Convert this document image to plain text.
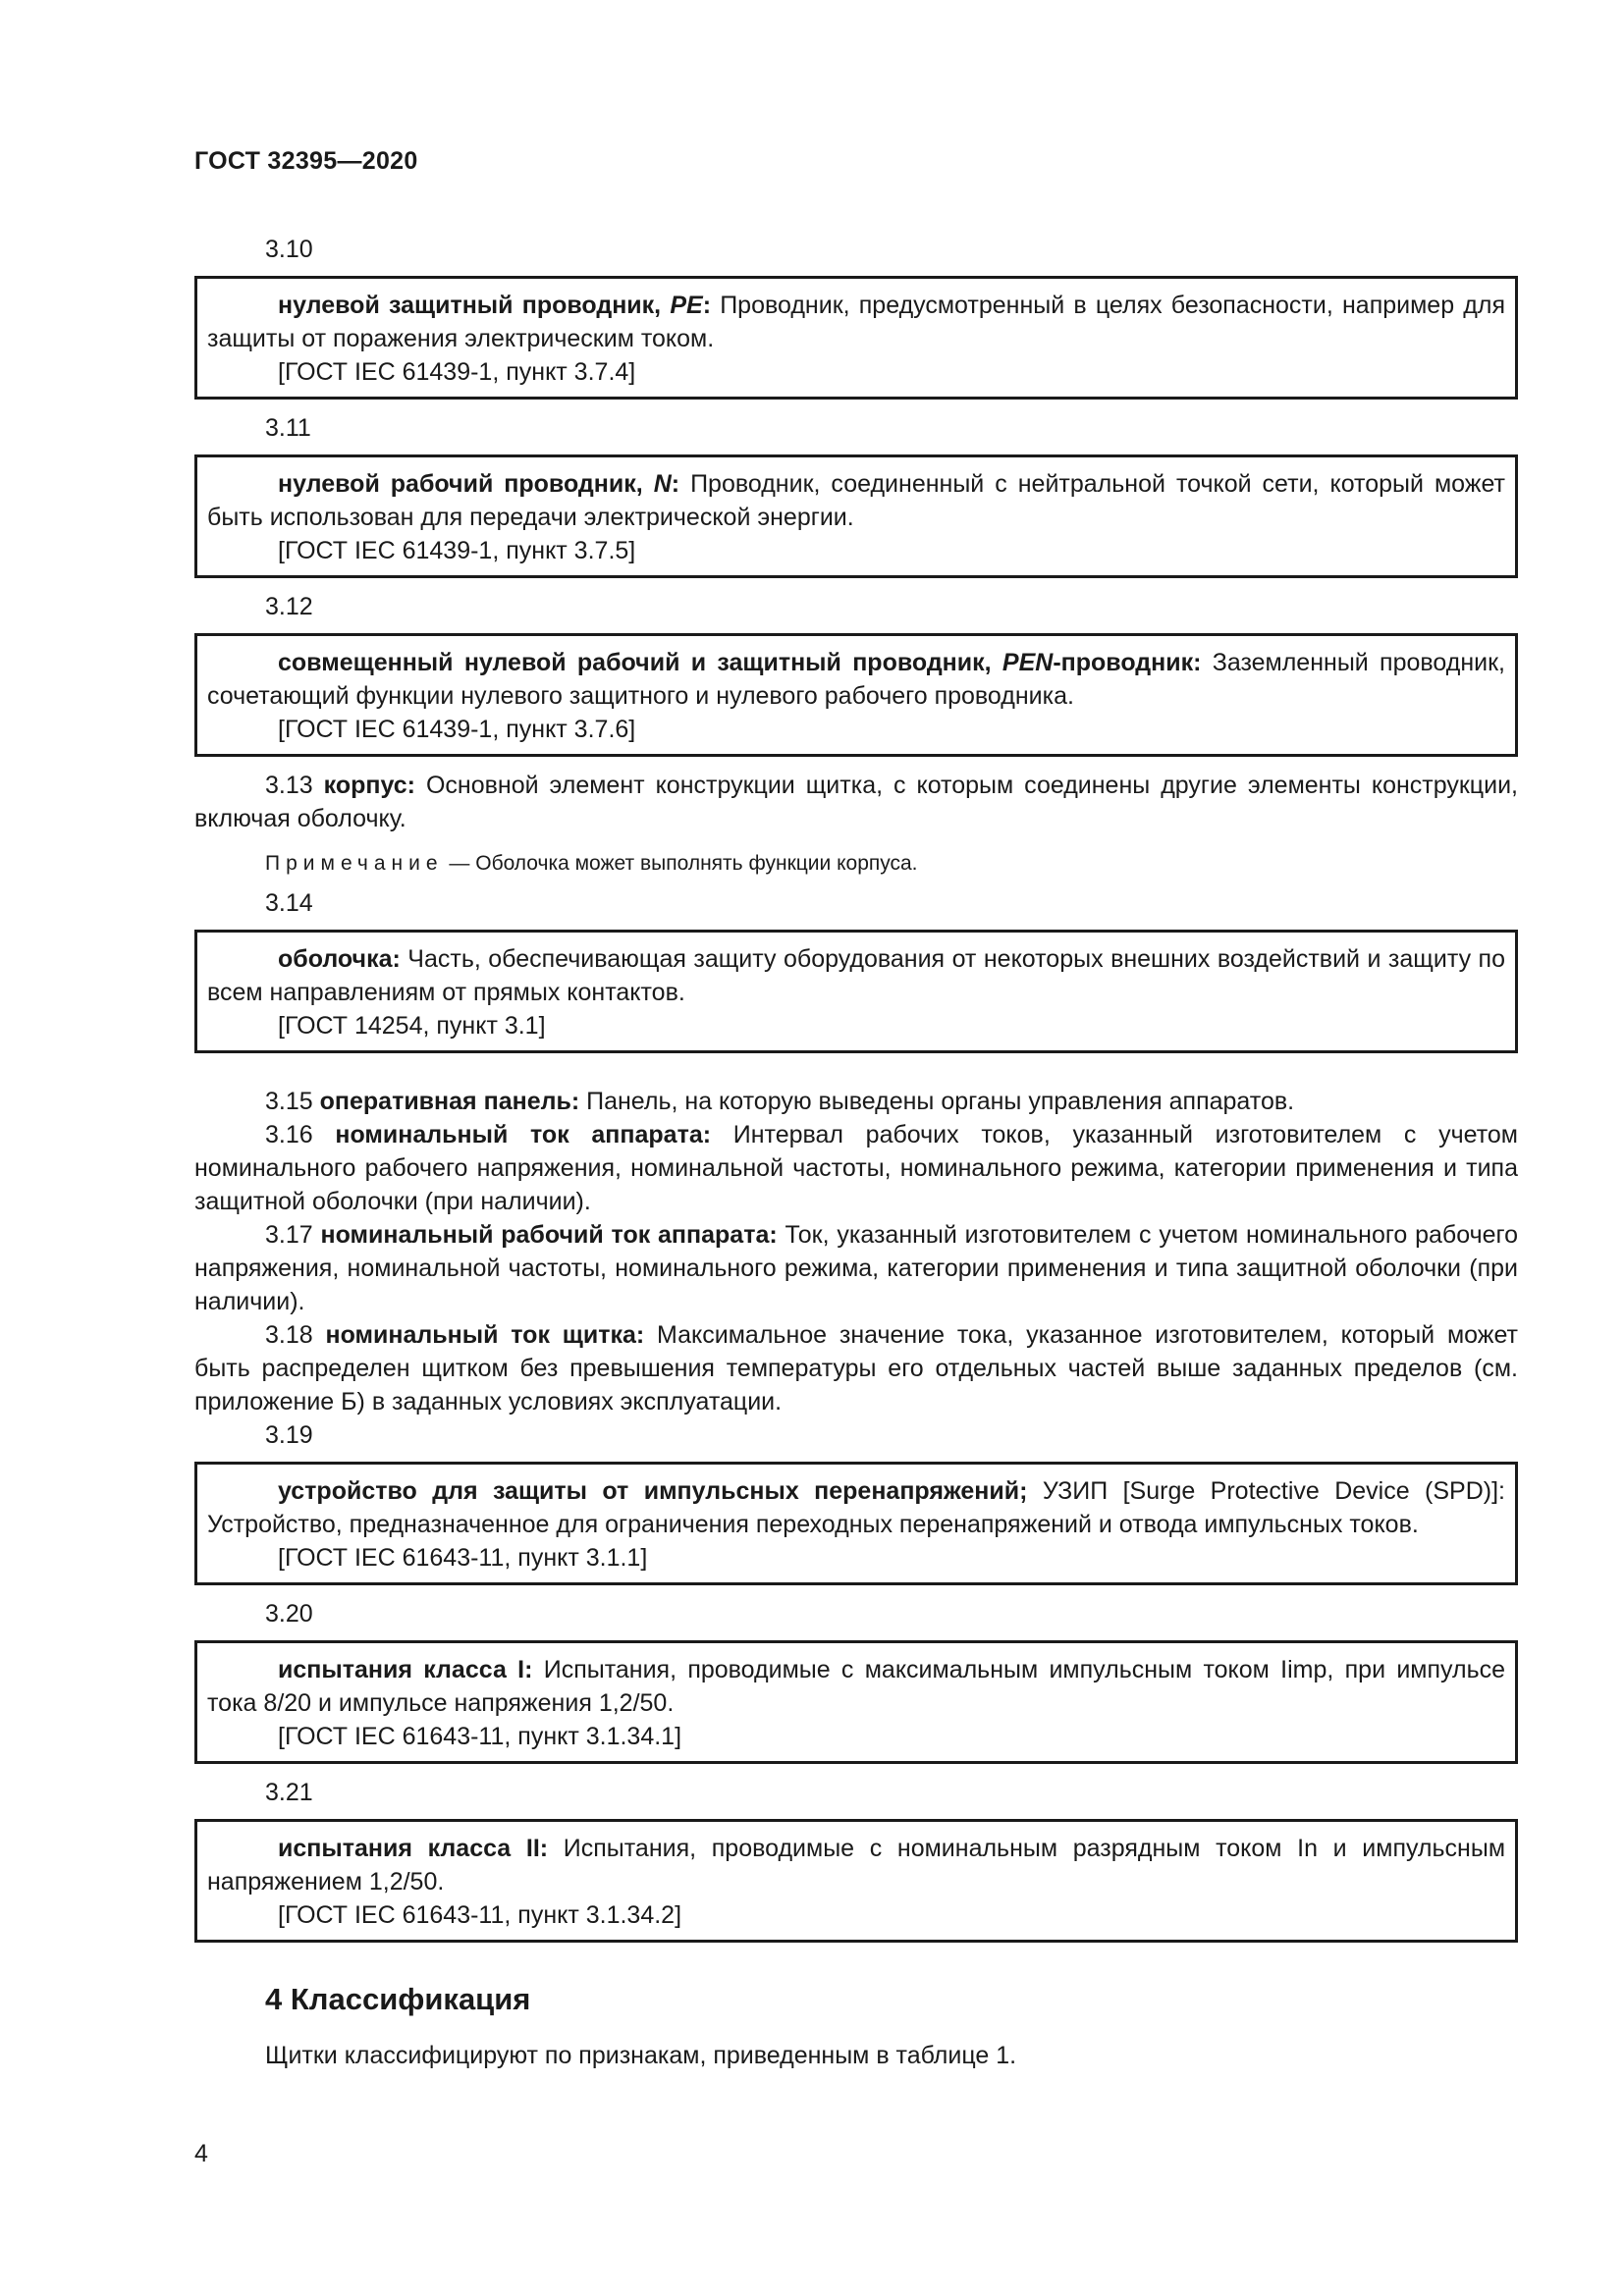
ГОСТ 32395—2020
3.10

нулевой защитный проводник, PE: Проводник, предусмотренный в целях безопасности, например для защиты от поражения электрическим током.

[ГОСТ IEC 61439-1, пункт 3.7.4]
3.11

нулевой рабочий проводник, N: Проводник, соединенный с нейтральной точкой сети, который может быть использован для передачи электрической энергии.

[ГОСТ IEC 61439-1, пункт 3.7.5]
3.12

совмещенный нулевой рабочий и защитный проводник, PEN-проводник: Заземленный проводник, сочетающий функции нулевого защитного и нулевого рабочего проводника.

[ГОСТ IEC 61439-1, пункт 3.7.6]

3.13 корпус: Основной элемент конструкции щитка, с которым соединены другие элементы конструкции, включая оболочку.

Примечание — Оболочка может выполнять функции корпуса.
3.14

оболочка: Часть, обеспечивающая защиту оборудования от некоторых внешних воздействий и защиту по всем направлениям от прямых контактов.

[ГОСТ 14254, пункт 3.1]

3.15 оперативная панель: Панель, на которую выведены органы управления аппаратов.

3.16 номинальный ток аппарата: Интервал рабочих токов, указанный изготовителем с учетом номинального рабочего напряжения, номинальной частоты, номинального режима, категории применения и типа защитной оболочки (при наличии).

3.17 номинальный рабочий ток аппарата: Ток, указанный изготовителем с учетом номинального рабочего напряжения, номинальной частоты, номинального режима, категории применения и типа защитной оболочки (при наличии).

3.18 номинальный ток щитка: Максимальное значение тока, указанное изготовителем, который может быть распределен щитком без превышения температуры его отдельных частей выше заданных пределов (см. приложение Б) в заданных условиях эксплуатации.

3.19

устройство для защиты от импульсных перенапряжений; УЗИП [Surge Protective Device (SPD)]: Устройство, предназначенное для ограничения переходных перенапряжений и отвода импульсных токов.

[ГОСТ IEC 61643-11, пункт 3.1.1]
3.20

испытания класса I: Испытания, проводимые с максимальным импульсным током Iimp, при импульсе тока 8/20 и импульсе напряжения 1,2/50.

[ГОСТ IEC 61643-11, пункт 3.1.34.1]
3.21

испытания класса II: Испытания, проводимые с номинальным разрядным током In и импульсным напряжением 1,2/50.

[ГОСТ IEC 61643-11, пункт 3.1.34.2]
4 Классификация

Щитки классифицируют по признакам, приведенным в таблице 1.

4
